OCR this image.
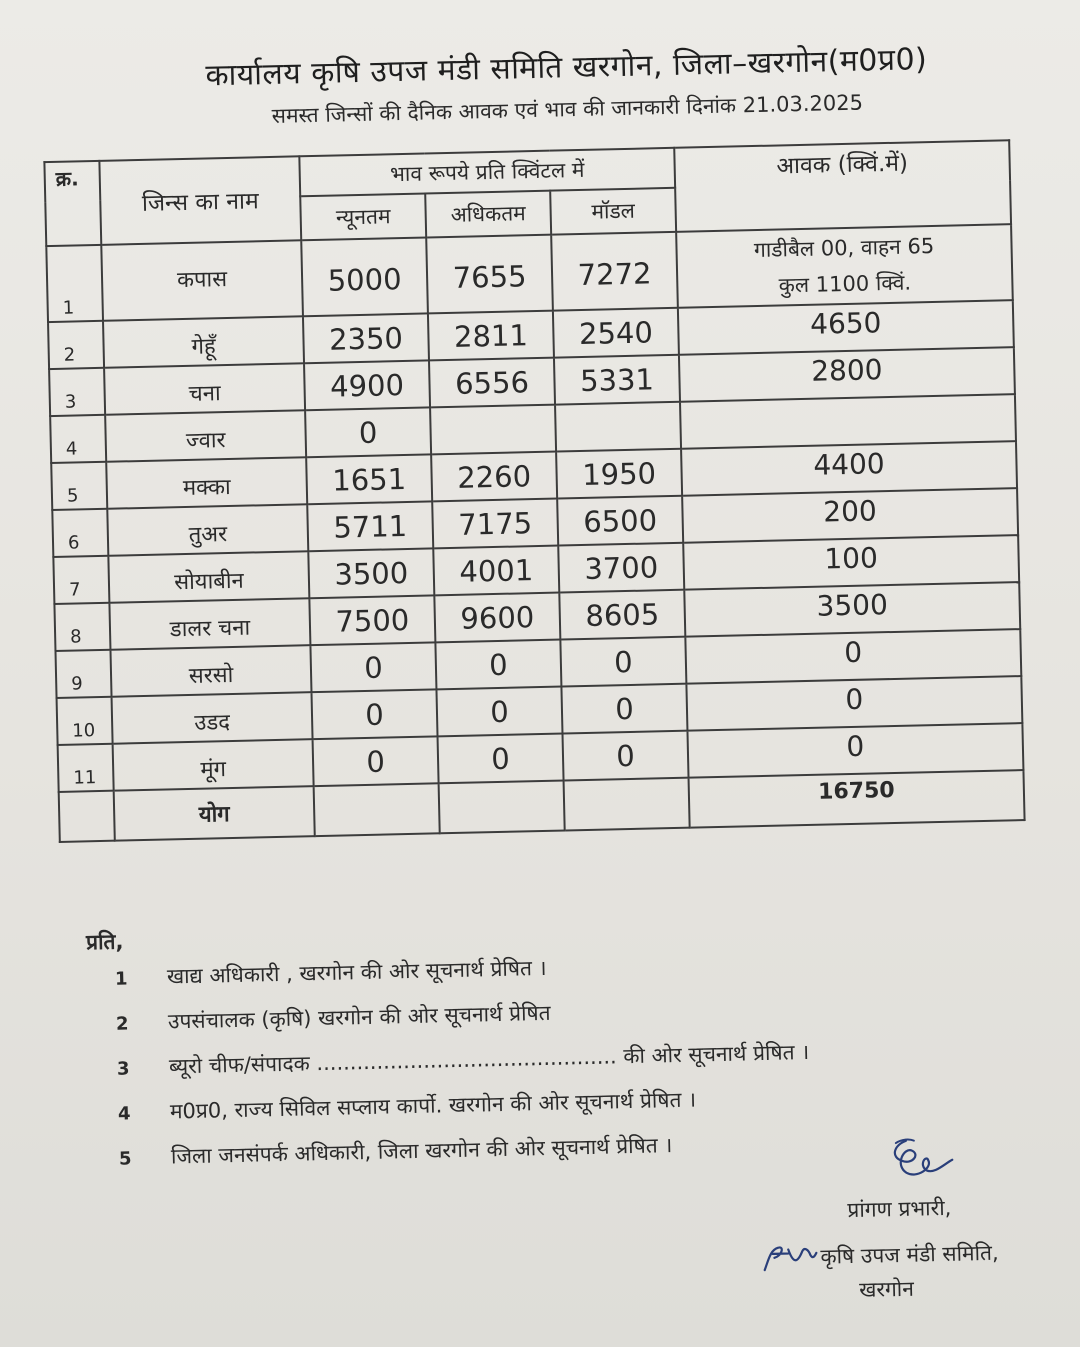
कार्यालय कृषि उपज मंडी समिति खरगोन, जिला–खरगोन(म0प्र0)
समस्त जिन्सों की दैनिक आवक एवं भाव की जानकारी दिनांक 21.03.2025
क्र.	जिन्स का नाम	भाव रूपये प्रति क्विंटल में			आवक (क्विं.में)
		न्यूनतम	अधिकतम	मॉडल	
1	कपास	5000	7655	7272	गाडीबैल 00, वाहन 65
कुल 1100 क्विं.

2	गेहूँ	2350	2811	2540	4650
3	चना	4900	6556	5331	2800
4	ज्वार	0			
5	मक्का	1651	2260	1950	4400
6	तुअर	5711	7175	6500	200
7	सोयाबीन	3500	4001	3700	100
8	डालर चना	7500	9600	8605	3500
9	सरसो	0	0	0	0
10	उडद	0	0	0	0
11	मूंग	0	0	0	0
	योग				16750
प्रति,
1	खाद्य अधिकारी , खरगोन की ओर सूचनार्थ प्रेषित ।
2	उपसंचालक (कृषि) खरगोन की ओर सूचनार्थ प्रेषित
3	ब्यूरो चीफ/संपादक ............................................. की ओर सूचनार्थ प्रेषित ।
4	म0प्र0, राज्य सिविल सप्लाय कार्पो. खरगोन की ओर सूचनार्थ प्रेषित ।
5	जिला जनसंपर्क अधिकारी, जिला खरगोन की ओर सूचनार्थ प्रेषित ।
प्रांगण प्रभारी,
कृषि उपज मंडी समिति,
खरगोन
